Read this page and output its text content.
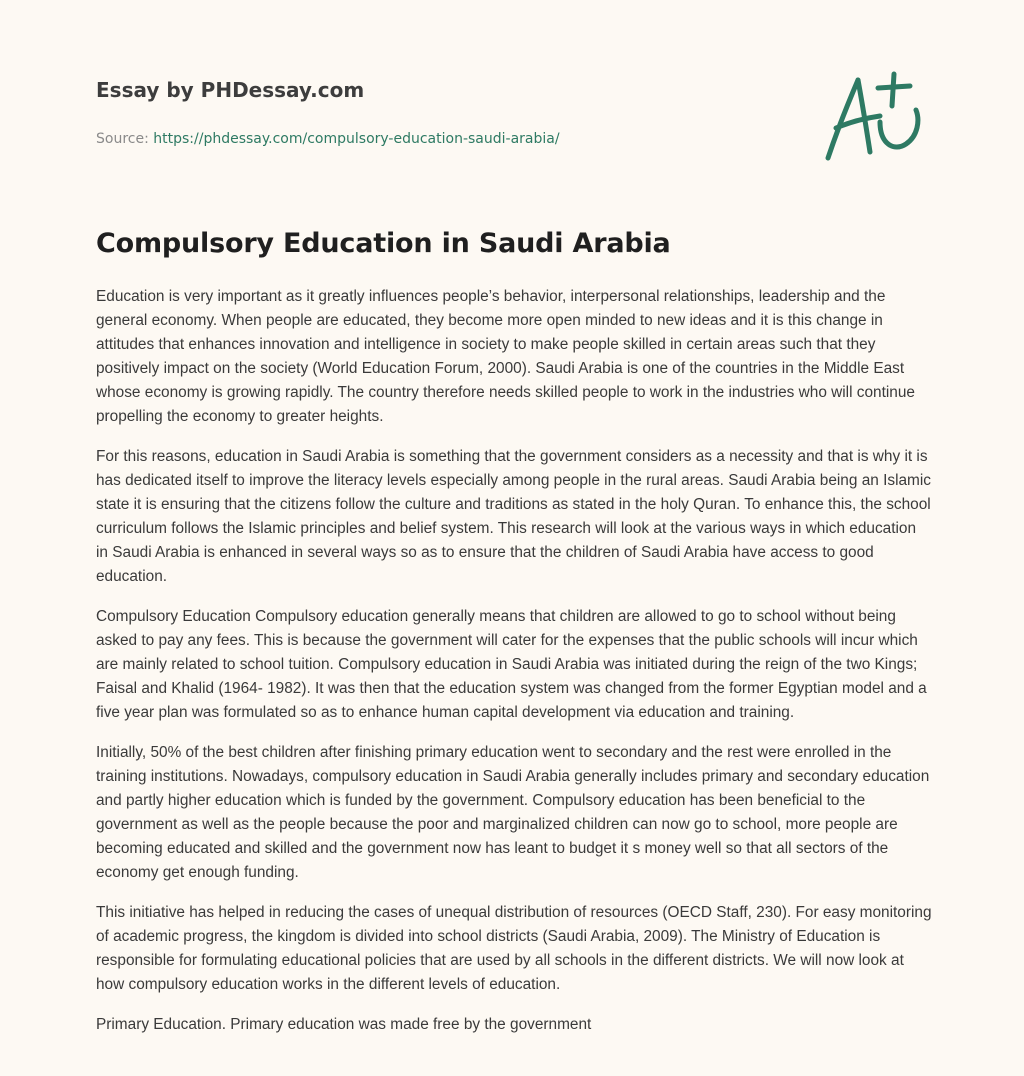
Essay by PHDessay.com
Source: https://phdessay.com/compulsory-education-saudi-arabia/
Compulsory Education in Saudi Arabia

Education is very important as it greatly influences people’s behavior, interpersonal relationships, leadership and the general economy. When people are educated, they become more open minded to new ideas and it is this change in attitudes that enhances innovation and intelligence in society to make people skilled in certain areas such that they positively impact on the society (World Education Forum, 2000). Saudi Arabia is one of the countries in the Middle East whose economy is growing rapidly. The country therefore needs skilled people to work in the industries who will continue propelling the economy to greater heights.

For this reasons, education in Saudi Arabia is something that the government considers as a necessity and that is why it is has dedicated itself to improve the literacy levels especially among people in the rural areas. Saudi Arabia being an Islamic state it is ensuring that the citizens follow the culture and traditions as stated in the holy Quran. To enhance this, the school curriculum follows the Islamic principles and belief system. This research will look at the various ways in which education in Saudi Arabia is enhanced in several ways so as to ensure that the children of Saudi Arabia have access to good education.

Compulsory Education Compulsory education generally means that children are allowed to go to school without being asked to pay any fees. This is because the government will cater for the expenses that the public schools will incur which are mainly related to school tuition. Compulsory education in Saudi Arabia was initiated during the reign of the two Kings; Faisal and Khalid (1964- 1982). It was then that the education system was changed from the former Egyptian model and a five year plan was formulated so as to enhance human capital development via education and training.

Initially, 50% of the best children after finishing primary education went to secondary and the rest were enrolled in the training institutions. Nowadays, compulsory education in Saudi Arabia generally includes primary and secondary education and partly higher education which is funded by the government. Compulsory education has been beneficial to the government as well as the people because the poor and marginalized children can now go to school, more people are becoming educated and skilled and the government now has leant to budget it s money well so that all sectors of the economy get enough funding.

This initiative has helped in reducing the cases of unequal distribution of resources (OECD Staff, 230). For easy monitoring of academic progress, the kingdom is divided into school districts (Saudi Arabia, 2009). The Ministry of Education is responsible for formulating educational policies that are used by all schools in the different districts. We will now look at how compulsory education works in the different levels of education.

Primary Education. Primary education was made free by the government
